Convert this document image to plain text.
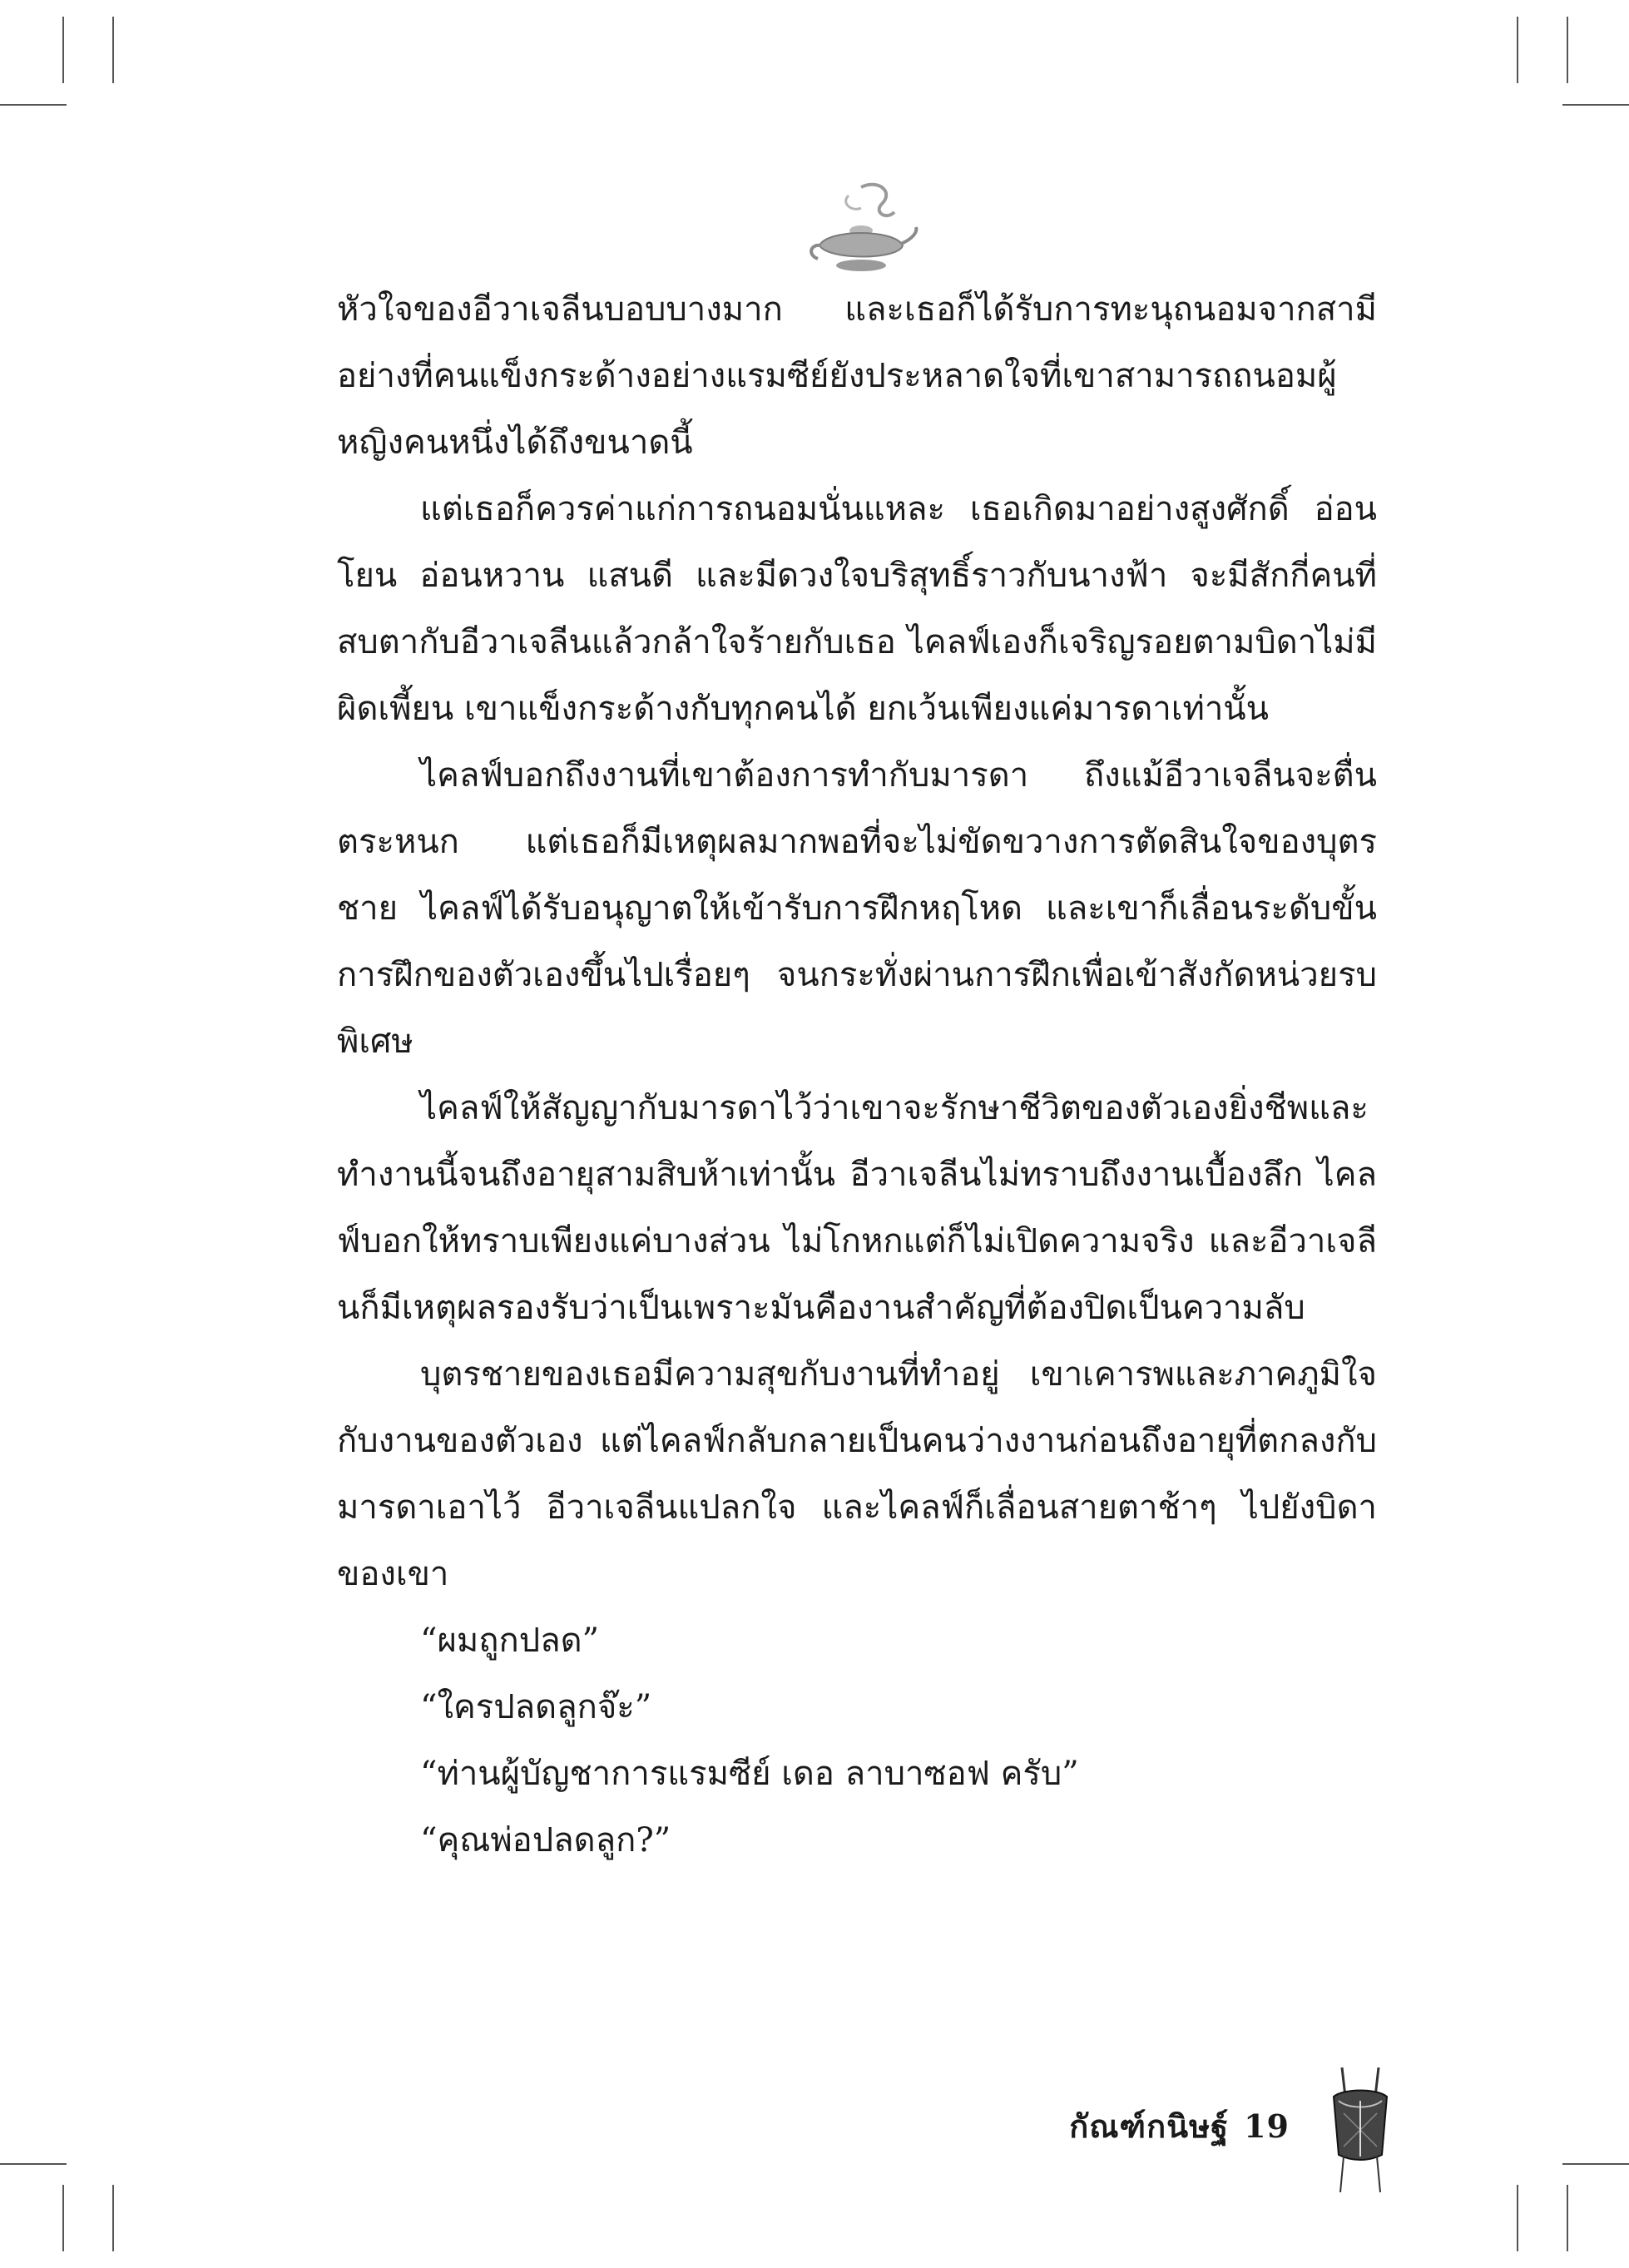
หัวใจของอีวาเจลีนบอบบางมาก และเธอก็ได้รับการทะนุถนอมจากสามีอย่างที่คนแข็งกระด้างอย่างแรมซีย์ยังประหลาดใจที่เขาสามารถถนอมผู้หญิงคนหนึ่งได้ถึงขนาดนี้

แต่เธอก็ควรค่าแก่การถนอมนั่นแหละ เธอเกิดมาอย่างสูงศักดิ์ อ่อนโยน อ่อนหวาน แสนดี และมีดวงใจบริสุทธิ์ราวกับนางฟ้า จะมีสักกี่คนที่สบตากับอีวาเจลีนแล้วกล้าใจร้ายกับเธอ ไคลฟ์เองก็เจริญรอยตามบิดาไม่มีผิดเพี้ยน เขาแข็งกระด้างกับทุกคนได้ ยกเว้นเพียงแค่มารดาเท่านั้น

ไคลฟ์บอกถึงงานที่เขาต้องการทำกับมารดา ถึงแม้อีวาเจลีนจะตื่นตระหนก แต่เธอก็มีเหตุผลมากพอที่จะไม่ขัดขวางการตัดสินใจของบุตรชาย ไคลฟ์ได้รับอนุญาตให้เข้ารับการฝึกหฤโหด และเขาก็เลื่อนระดับขั้นการฝึกของตัวเองขึ้นไปเรื่อยๆ จนกระทั่งผ่านการฝึกเพื่อเข้าสังกัดหน่วยรบพิเศษ

ไคลฟ์ให้สัญญากับมารดาไว้ว่าเขาจะรักษาชีวิตของตัวเองยิ่งชีพและทำงานนี้จนถึงอายุสามสิบห้าเท่านั้น อีวาเจลีนไม่ทราบถึงงานเบื้องลึก ไคลฟ์บอกให้ทราบเพียงแค่บางส่วน ไม่โกหกแต่ก็ไม่เปิดความจริง และอีวาเจลีนก็มีเหตุผลรองรับว่าเป็นเพราะมันคืองานสำคัญที่ต้องปิดเป็นความลับ

บุตรชายของเธอมีความสุขกับงานที่ทำอยู่ เขาเคารพและภาคภูมิใจกับงานของตัวเอง แต่ไคลฟ์กลับกลายเป็นคนว่างงานก่อนถึงอายุที่ตกลงกับมารดาเอาไว้ อีวาเจลีนแปลกใจ และไคลฟ์ก็เลื่อนสายตาช้าๆ ไปยังบิดาของเขา

“ผมถูกปลด”

“ใครปลดลูกจ๊ะ”

“ท่านผู้บัญชาการแรมซีย์ เดอ ลาบาซอฟ ครับ”

“คุณพ่อปลดลูก?”

กัณฑ์กนิษฐ์ 19
